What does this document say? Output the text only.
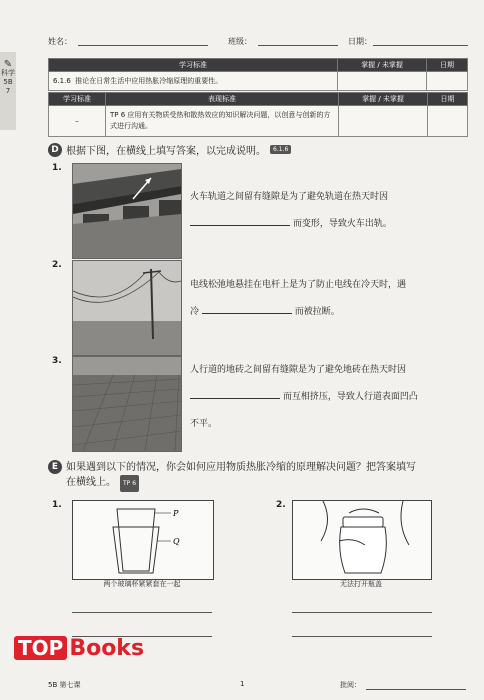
✎
科学
5B
7
姓名：	班级：	日期：
学习标准	掌握 / 未掌握	日期
6.1.6 推论在日常生活中应用热胀冷缩原理的重要性。		
学习标准	表现标准	掌握 / 未掌握	日期
–	TP 6 应用有关物质受热和散热效应的知识解决问题，以创意与创新的方式进行沟通。		
D 根据下图，在横线上填写答案，以完成说明。	6.1.6
1.
火车轨道之间留有缝隙是为了避免轨道在热天时因
而变形，导致火车出轨。
2.
电线松弛地悬挂在电杆上是为了防止电线在冷天时，遇
冷	而被拉断。
3.
人行道的地砖之间留有缝隙是为了避免地砖在热天时因
而互相挤压，导致人行道表面凹凸
不平。
E 如果遇到以下的情况，你会如何应用物质热胀冷缩的原理解决问题？把答案填写
在横线上。 TP 6
1.
P
Q
两个玻璃杯紧紧套在一起
2.
无法打开瓶盖
TOP Books
5B 第七课	1	批阅：
